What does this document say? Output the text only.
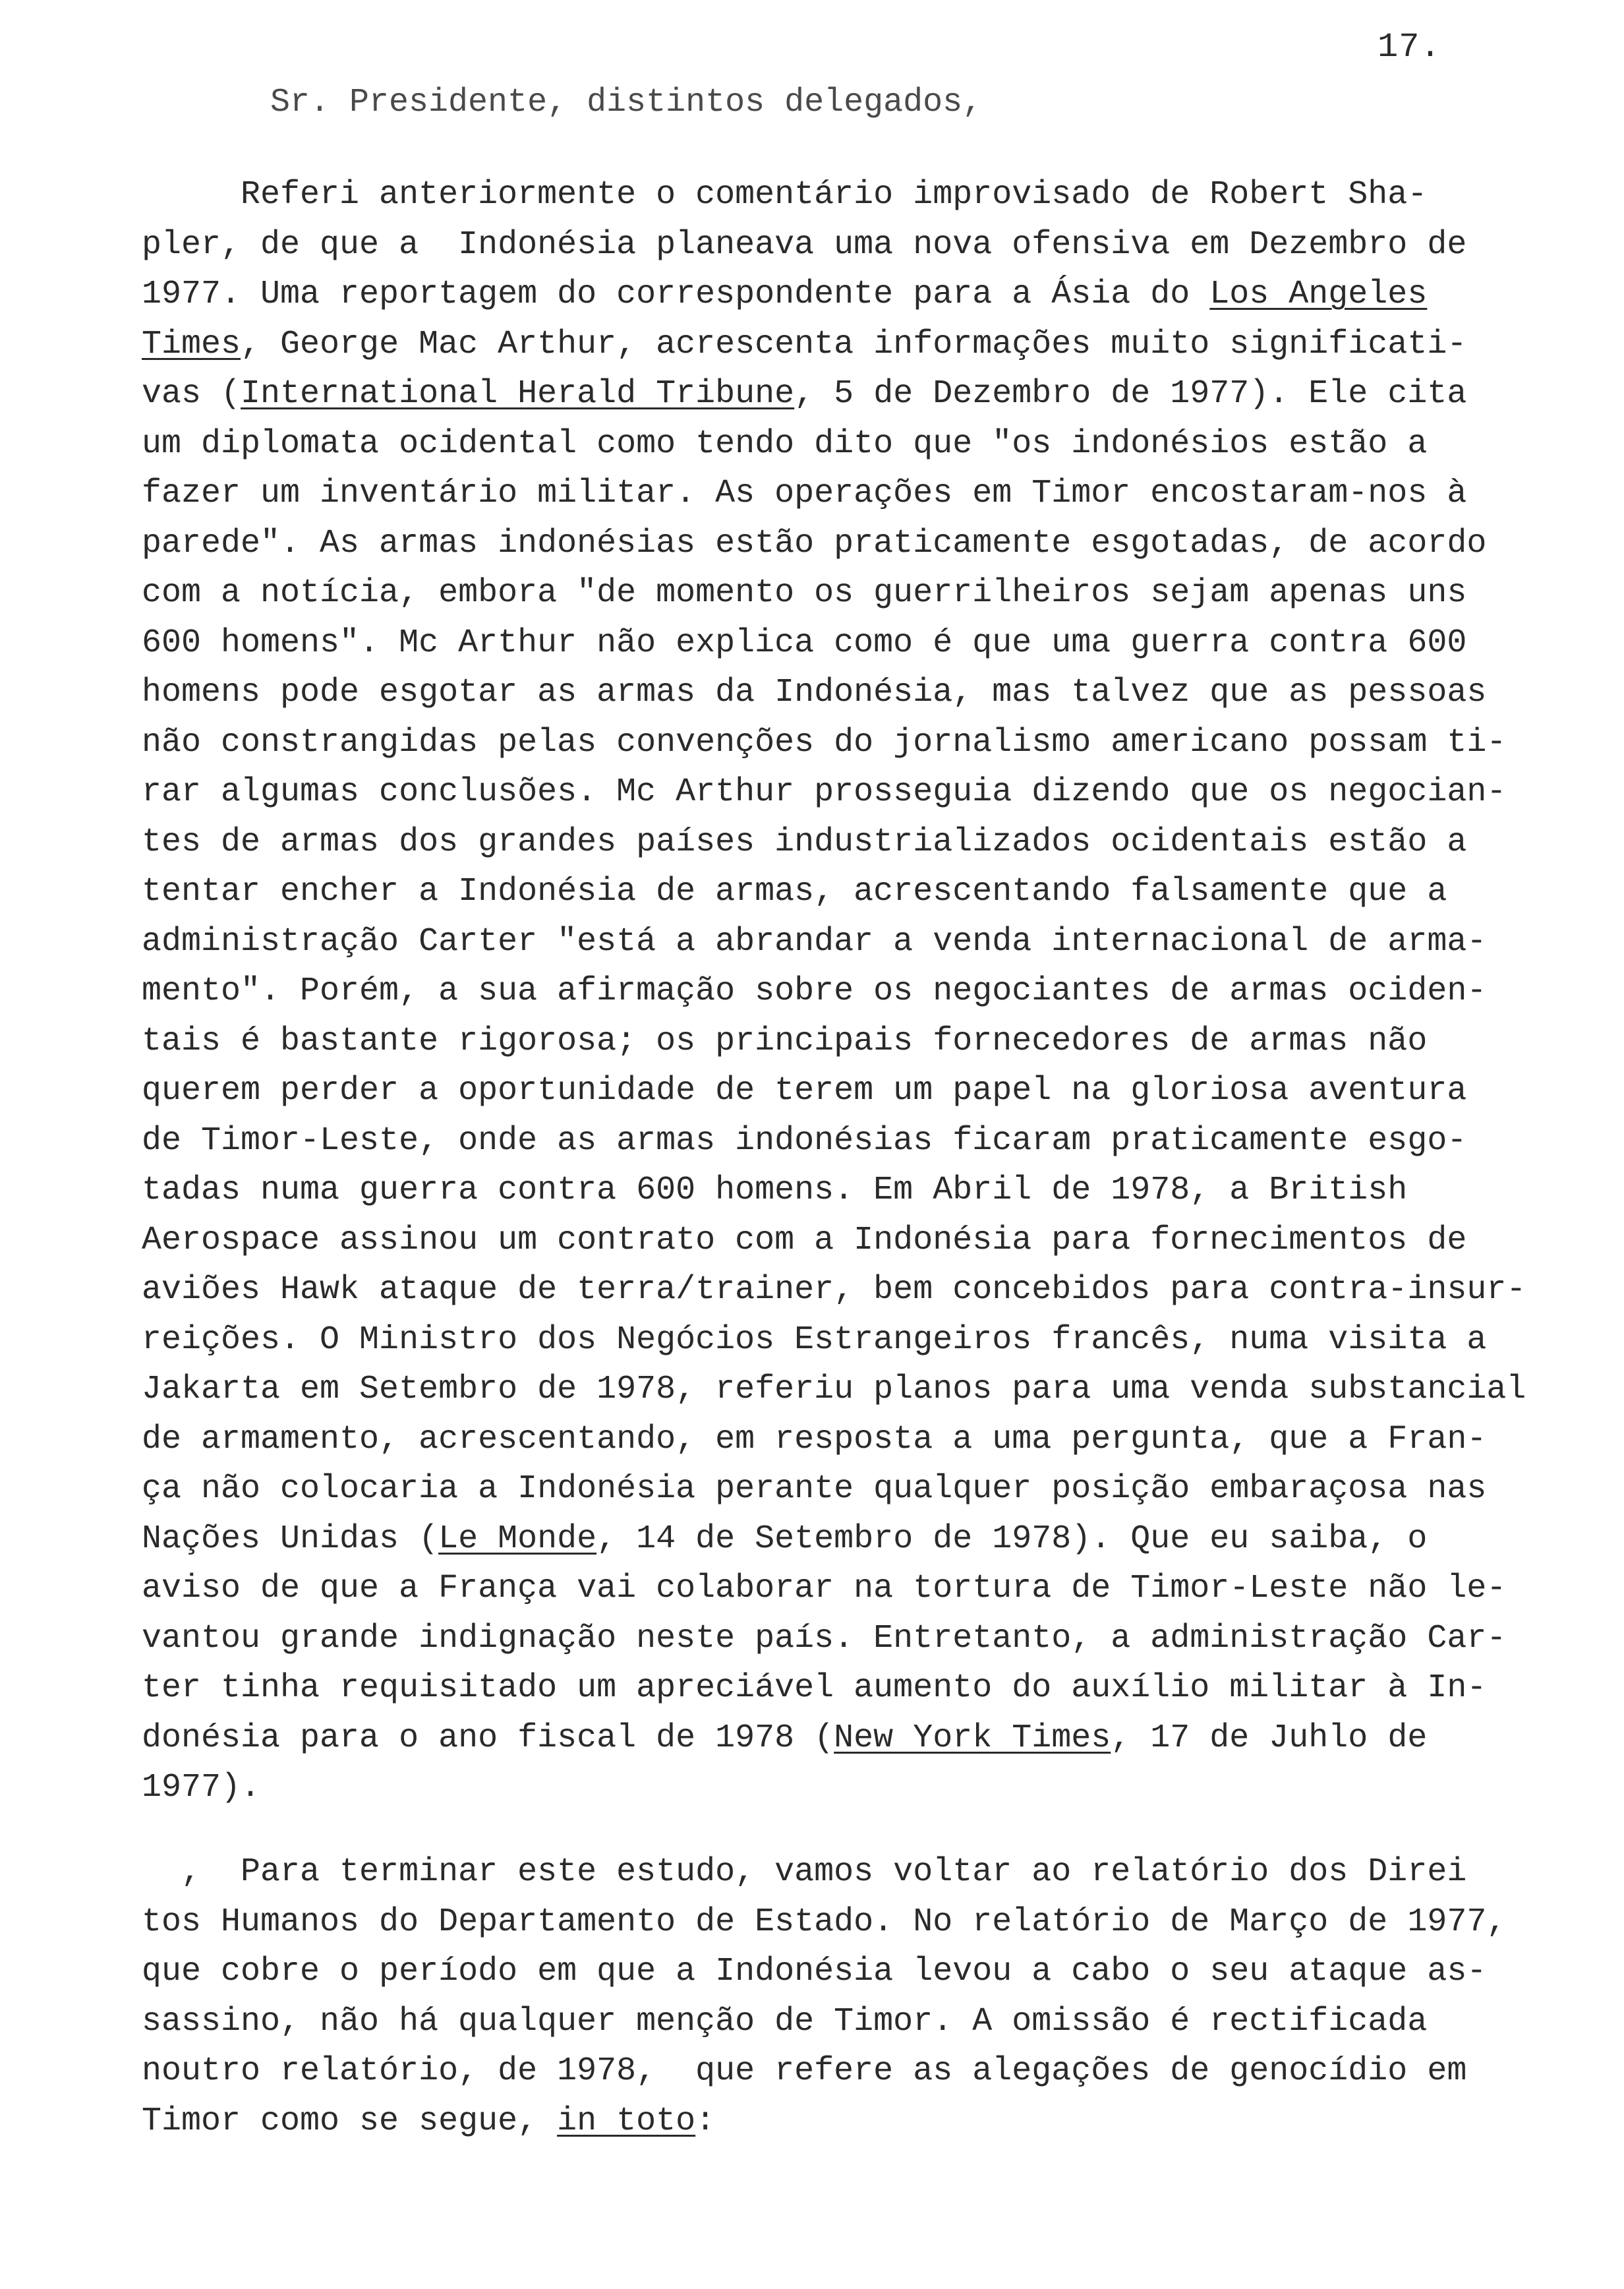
17.
Sr. Presidente, distintos delegados,
Referi anteriormente o comentário improvisado de Robert Sha-
pler, de que a  Indonésia planeava uma nova ofensiva em Dezembro de
1977. Uma reportagem do correspondente para a Ásia do Los Angeles
Times, George Mac Arthur, acrescenta informações muito significati-
vas (International Herald Tribune, 5 de Dezembro de 1977). Ele cita
um diplomata ocidental como tendo dito que "os indonésios estão a
fazer um inventário militar. As operações em Timor encostaram-nos à
parede". As armas indonésias estão praticamente esgotadas, de acordo
com a notícia, embora "de momento os guerrilheiros sejam apenas uns
600 homens". Mc Arthur não explica como é que uma guerra contra 600
homens pode esgotar as armas da Indonésia, mas talvez que as pessoas
não constrangidas pelas convenções do jornalismo americano possam ti-
rar algumas conclusões. Mc Arthur prosseguia dizendo que os negocian-
tes de armas dos grandes países industrializados ocidentais estão a
tentar encher a Indonésia de armas, acrescentando falsamente que a
administração Carter "está a abrandar a venda internacional de arma-
mento". Porém, a sua afirmação sobre os negociantes de armas ociden-
tais é bastante rigorosa; os principais fornecedores de armas não
querem perder a oportunidade de terem um papel na gloriosa aventura
de Timor-Leste, onde as armas indonésias ficaram praticamente esgo-
tadas numa guerra contra 600 homens. Em Abril de 1978, a British
Aerospace assinou um contrato com a Indonésia para fornecimentos de
aviões Hawk ataque de terra/trainer, bem concebidos para contra-insur-
reições. O Ministro dos Negócios Estrangeiros francês, numa visita a
Jakarta em Setembro de 1978, referiu planos para uma venda substancial
de armamento, acrescentando, em resposta a uma pergunta, que a Fran-
ça não colocaria a Indonésia perante qualquer posição embaraçosa nas
Nações Unidas (Le Monde, 14 de Setembro de 1978). Que eu saiba, o
aviso de que a França vai colaborar na tortura de Timor-Leste não le-
vantou grande indignação neste país. Entretanto, a administração Car-
ter tinha requisitado um apreciável aumento do auxílio militar à In-
donésia para o ano fiscal de 1978 (New York Times, 17 de Juhlo de
1977).
,  Para terminar este estudo, vamos voltar ao relatório dos Direi
tos Humanos do Departamento de Estado. No relatório de Março de 1977,
que cobre o período em que a Indonésia levou a cabo o seu ataque as-
sassino, não há qualquer menção de Timor. A omissão é rectificada
noutro relatório, de 1978,  que refere as alegações de genocídio em
Timor como se segue, in toto:
